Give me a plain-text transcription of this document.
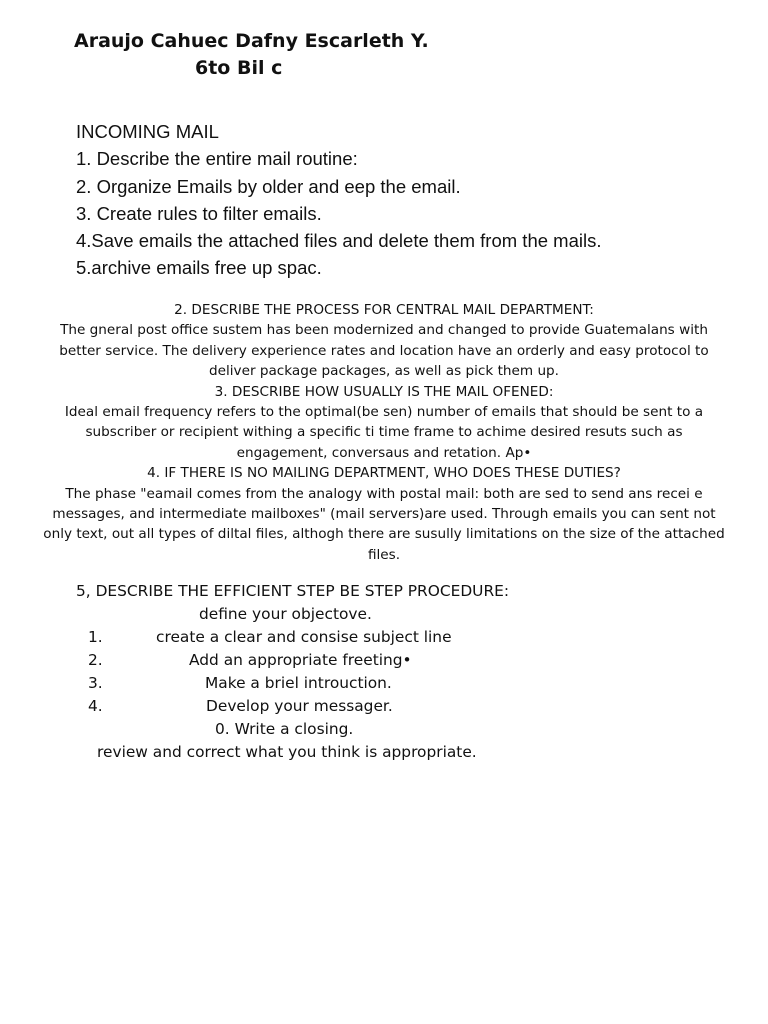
Araujo Cahuec Dafny Escarleth Y.
6to Bil c
INCOMING MAIL
1. Describe the entire mail routine:
2. Organize Emails by older and eep the email.
3. Create rules to filter emails.
4.Save emails the attached files and delete them from the mails.
5.archive emails free up spac.

2. DESCRIBE THE PROCESS FOR CENTRAL MAIL DEPARTMENT:

The gneral post office sustem has been modernized and changed to provide Guatemalans with better service. The delivery experience rates and location have an orderly and easy protocol to deliver package packages, as well as pick them up.

3. DESCRIBE HOW USUALLY IS THE MAIL OFENED:

Ideal email frequency refers to the optimal(be sen) number of emails that should be sent to a subscriber or recipient withing a specific ti time frame to achime desired resuts such as engagement, conversaus and retation. Ap•

4. IF THERE IS NO MAILING DEPARTMENT, WHO DOES THESE DUTIES?

The phase "eamail comes from the analogy with postal mail: both are sed to send ans recei e messages, and intermediate mailboxes" (mail servers)are used. Through emails you can sent not only text, out all types of diltal files, althogh there are susully limitations on the size of the attached files.

5, DESCRIBE THE EFFICIENT STEP BE STEP PROCEDURE:
define your objectove.
1.	create a clear and consise subject line
2.	Add an appropriate freeting•
3.	Make a briel introuction.
4.	Develop your messager.
0. Write a closing.
review and correct what you think is appropriate.
